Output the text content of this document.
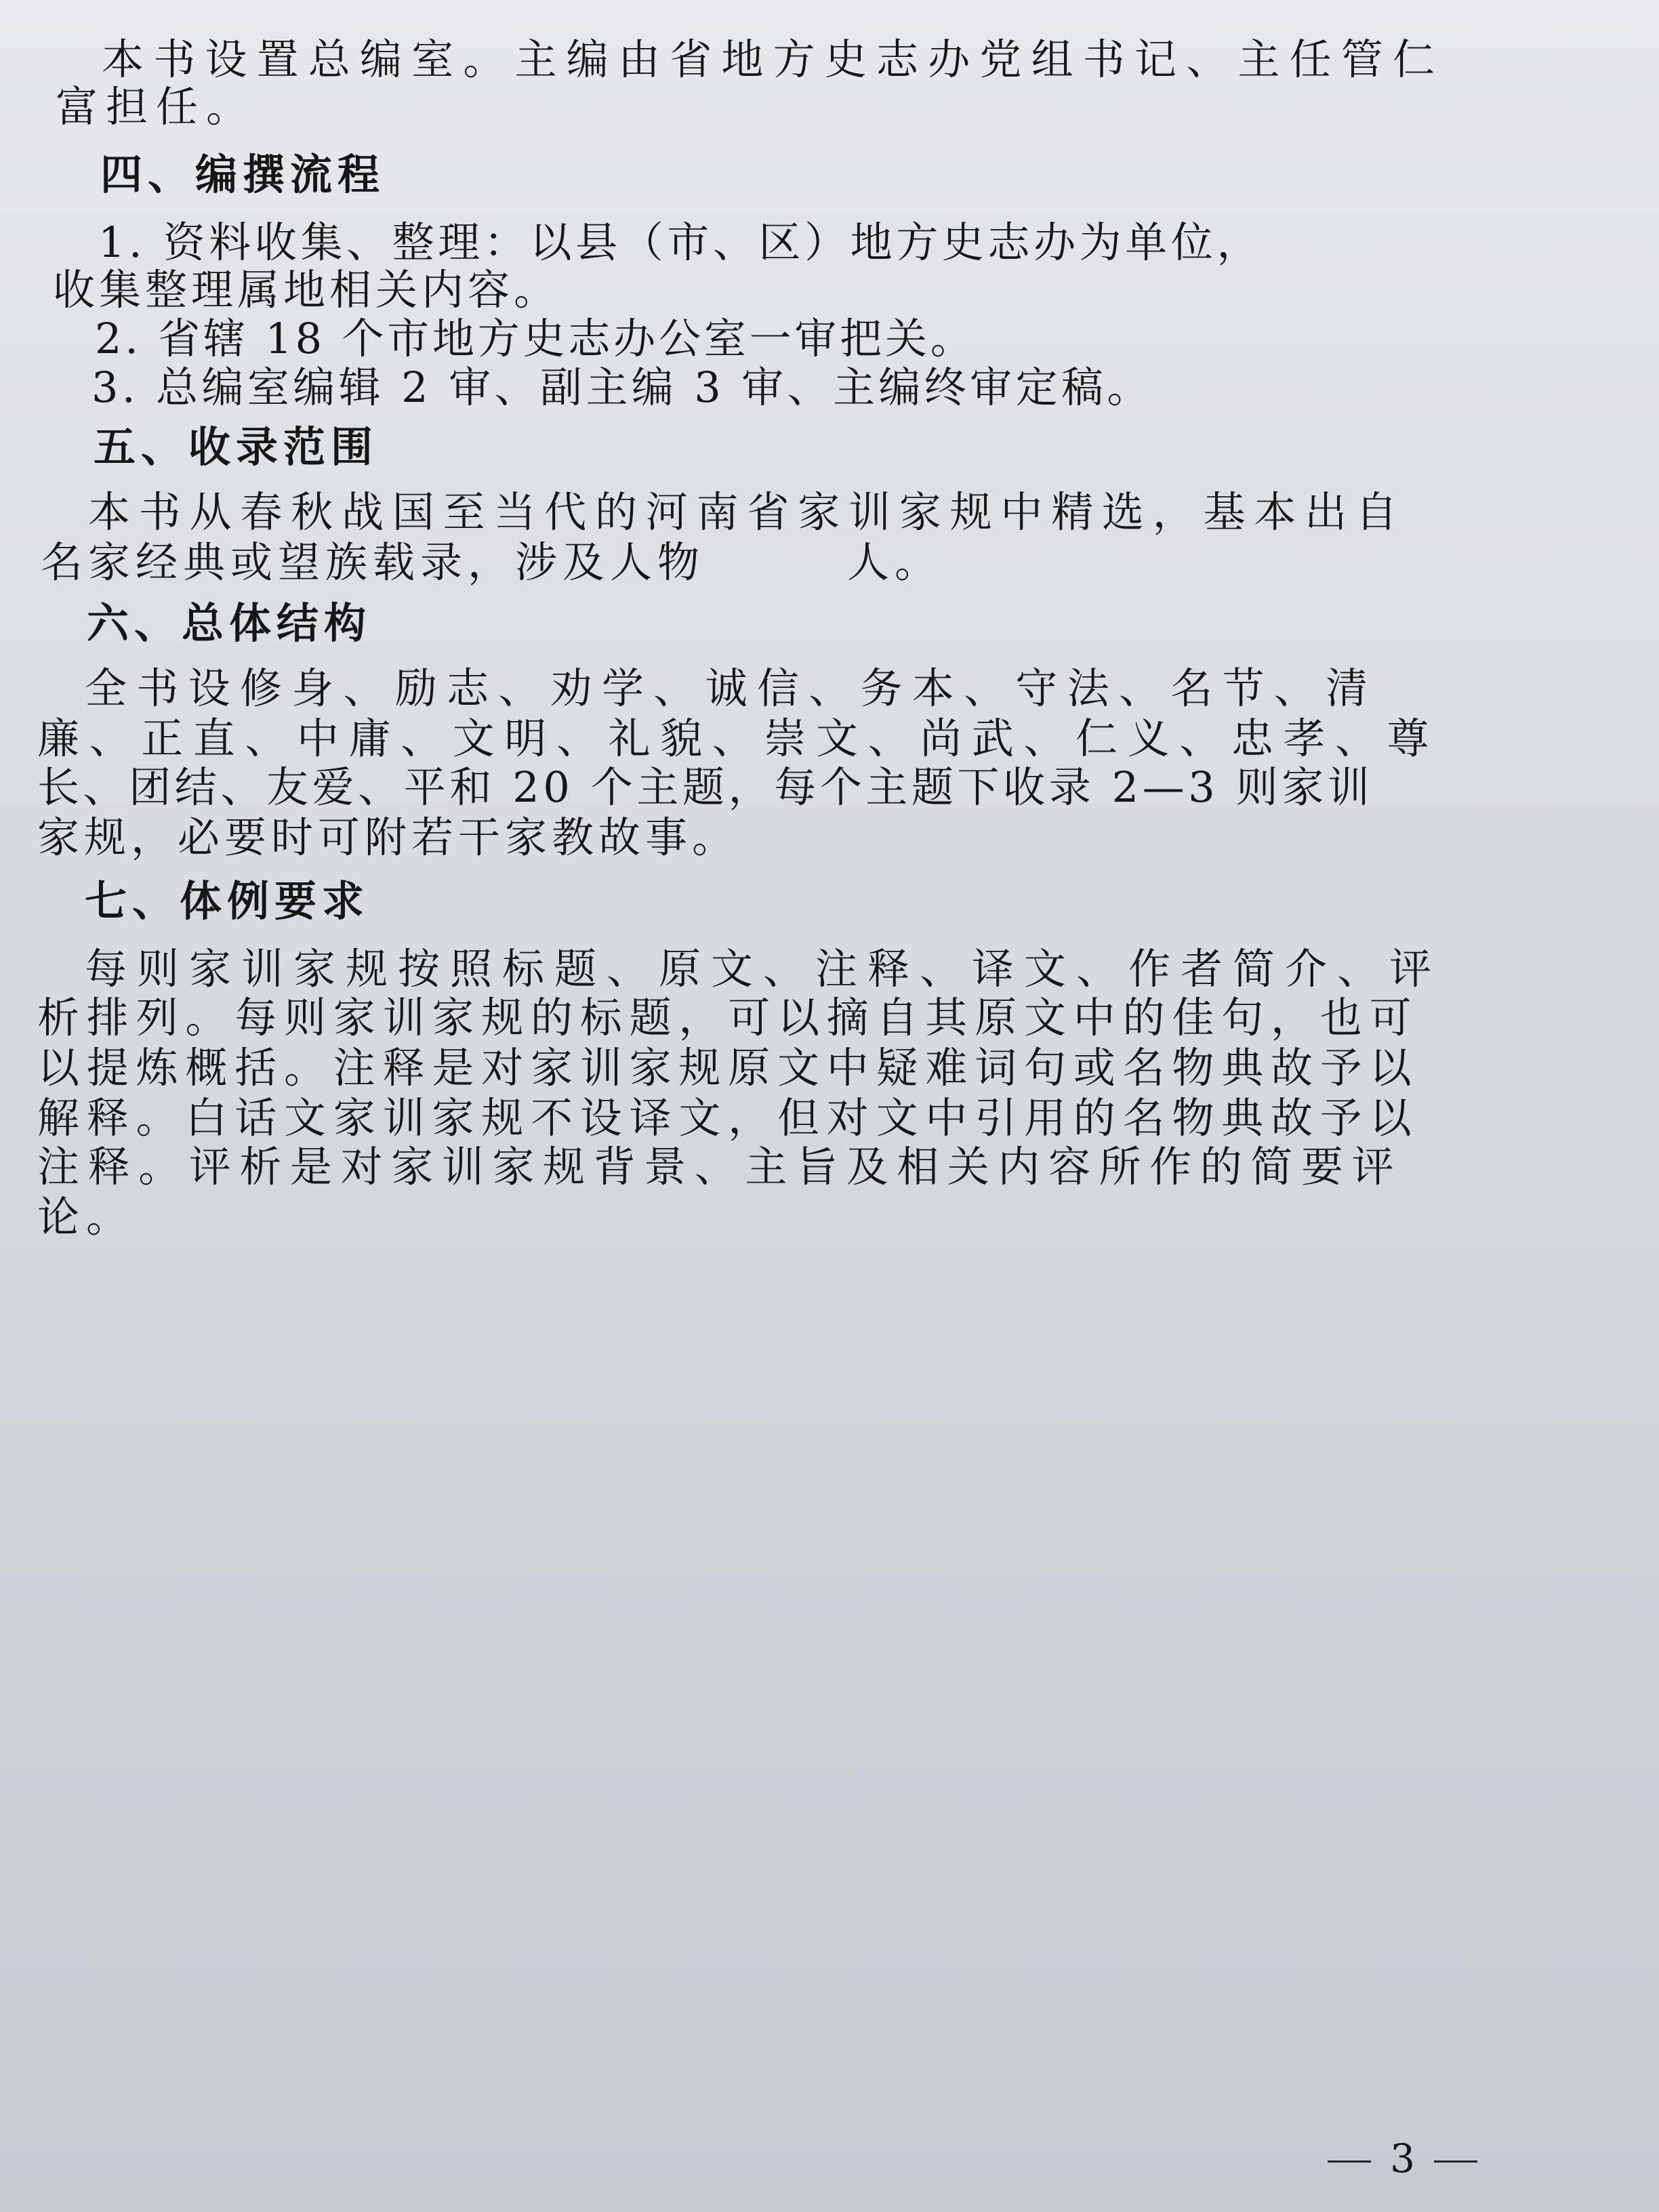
本书设置总编室。主编由省地方史志办党组书记、主任管仁
富担任。
四、编撰流程
1. 资料收集、整理：以县（市、区）地方史志办为单位，
收集整理属地相关内容。
2. 省辖 18 个市地方史志办公室一审把关。
3. 总编室编辑 2 审、副主编 3 审、主编终审定稿。
五、收录范围
本书从春秋战国至当代的河南省家训家规中精选，基本出自
名家经典或望族载录，涉及人物　　　人。
六、总体结构
全书设修身、励志、劝学、诚信、务本、守法、名节、清
廉、正直、中庸、文明、礼貌、崇文、尚武、仁义、忠孝、尊
长、团结、友爱、平和 20 个主题，每个主题下收录 2—3 则家训
家规，必要时可附若干家教故事。
七、体例要求
每则家训家规按照标题、原文、注释、译文、作者简介、评
析排列。每则家训家规的标题，可以摘自其原文中的佳句，也可
以提炼概括。注释是对家训家规原文中疑难词句或名物典故予以
解释。白话文家训家规不设译文，但对文中引用的名物典故予以
注释。评析是对家训家规背景、主旨及相关内容所作的简要评
论。
3
